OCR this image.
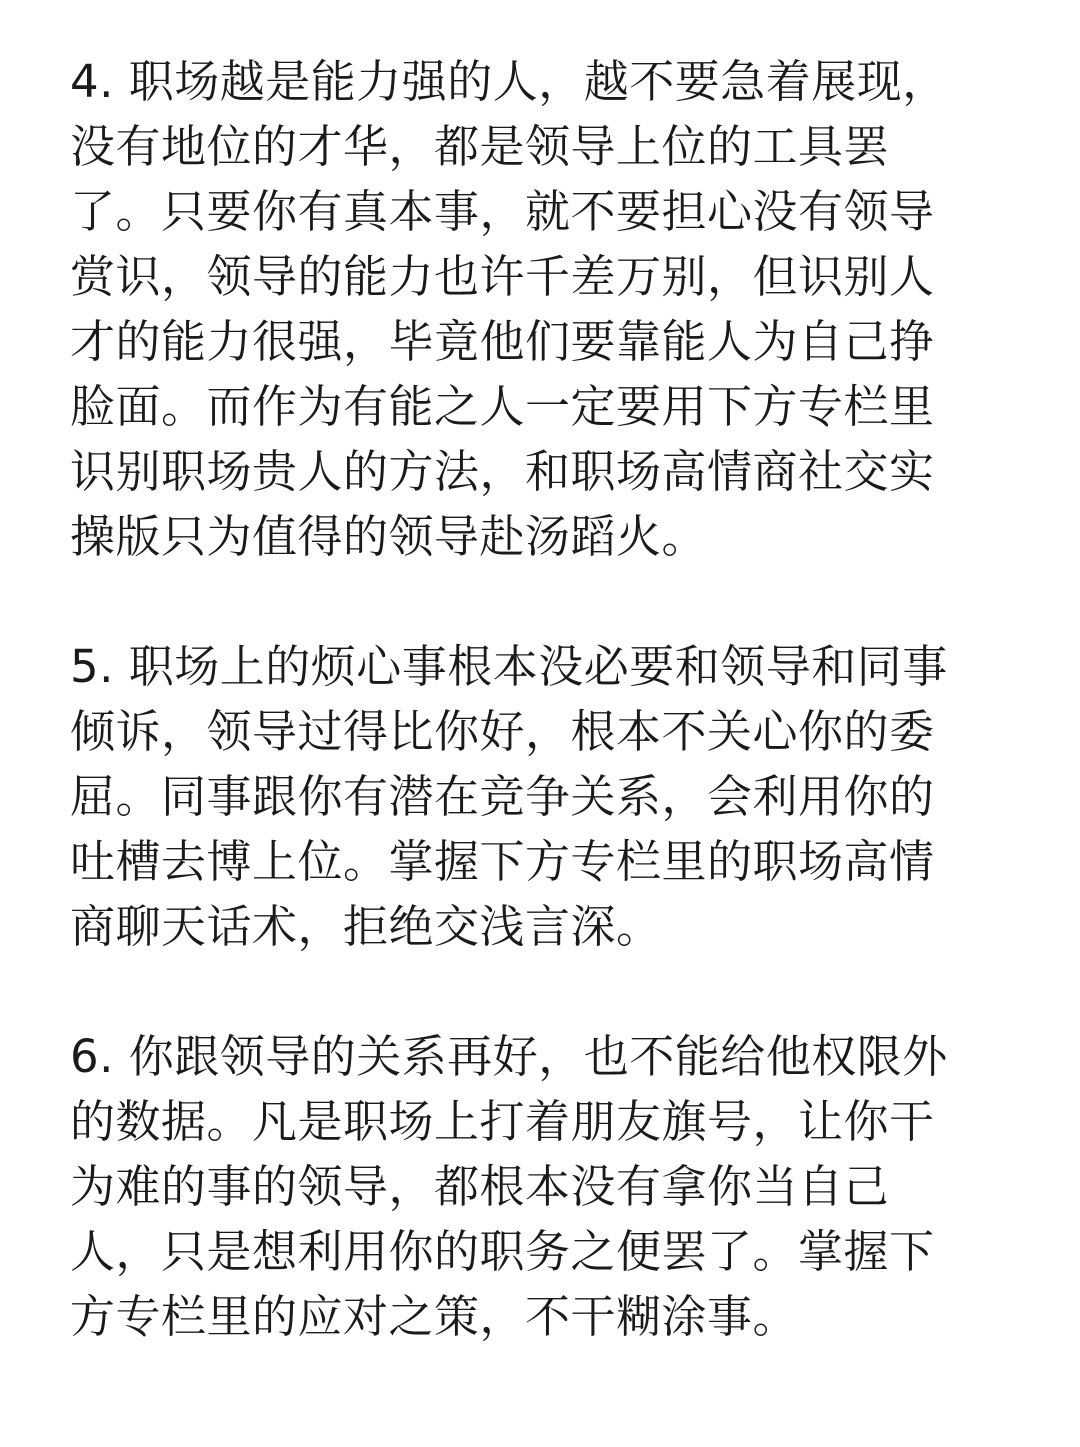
4. 职场越是能力强的人，越不要急着展现，
没有地位的才华，都是领导上位的工具罢
了。只要你有真本事，就不要担心没有领导
赏识，领导的能力也许千差万别，但识别人
才的能力很强，毕竟他们要靠能人为自己挣
脸面。而作为有能之人一定要用下方专栏里
识别职场贵人的方法，和职场高情商社交实
操版只为值得的领导赴汤蹈火。
5. 职场上的烦心事根本没必要和领导和同事
倾诉，领导过得比你好，根本不关心你的委
屈。同事跟你有潜在竞争关系，会利用你的
吐槽去博上位。掌握下方专栏里的职场高情
商聊天话术，拒绝交浅言深。
6. 你跟领导的关系再好，也不能给他权限外
的数据。凡是职场上打着朋友旗号，让你干
为难的事的领导，都根本没有拿你当自己
人，只是想利用你的职务之便罢了。掌握下
方专栏里的应对之策，不干糊涂事。
